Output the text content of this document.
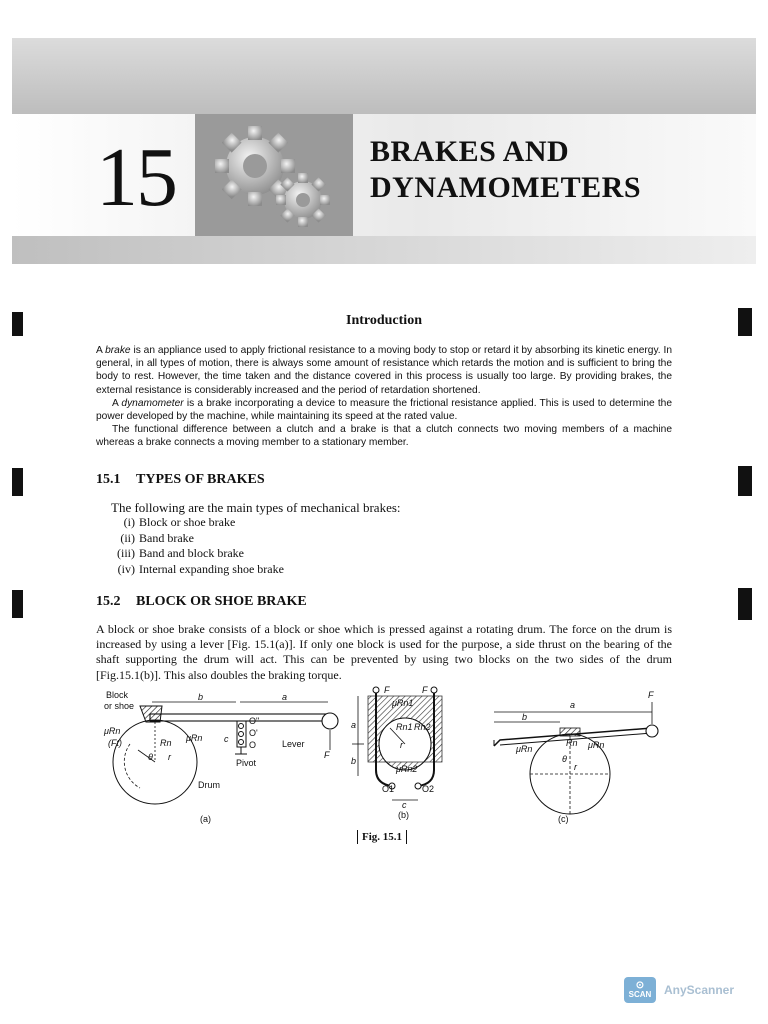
15	BRAKES AND
DYNAMOMETERS
Introduction

A brake is an appliance used to apply frictional resistance to a moving body to stop or retard it by absorbing its kinetic energy. In general, in all types of motion, there is always some amount of resistance which retards the motion and is sufficient to bring the body to rest. However, the time taken and the distance covered in this process is usually too large. By providing brakes, the external resistance is considerably increased and the period of retardation shortened.

A dynamometer is a brake incorporating a device to measure the frictional resistance applied. This is used to determine the power developed by the machine, while maintaining its speed at the rated value.

The functional difference between a clutch and a brake is that a clutch connects two moving members of a machine whereas a brake connects a moving member to a stationary member.

15.1 TYPES OF BRAKES
The following are the main types of mechanical brakes:
(i) Block or shoe brake
(ii) Band brake
(iii) Band and block brake
(iv) Internal expanding shoe brake
15.2 BLOCK OR SHOE BRAKE
A block or shoe brake consists of a block or shoe which is pressed against a rotating drum. The force on the drum is increased by using a lever [Fig. 15.1(a)]. If only one block is used for the purpose, a side thrust on the bearing of the shaft supporting the drum will act. This can be prevented by using two blocks on the two sides of the drum [Fig.15.1(b)]. This also doubles the braking torque.
Block
or shoe
b	a
μRn
(Ft)	Rn μRn c
O"
O'
O	Lever
F
Pivot
θ r
Drum
(a)
F	F
μRn1
Rn1 Rn2
r
μRn2
a
b
O1	O2
c
(b)
a
b
F
μRn
Rn μRn
θ
r
(c)
Fig. 15.1
⊙
SCAN AnyScanner
